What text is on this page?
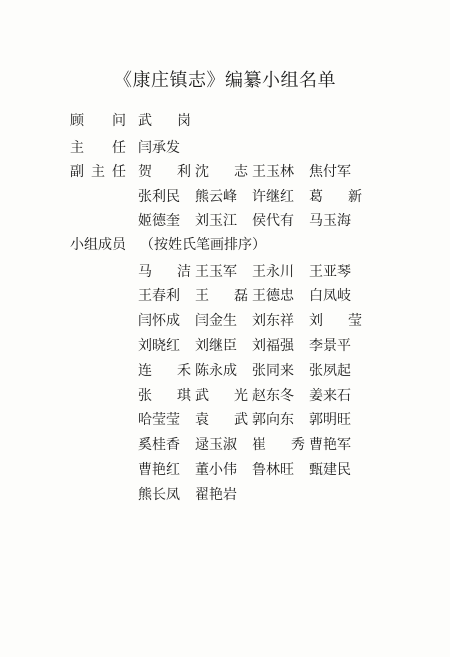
《康庄镇志》编纂小组名单
顾 问 武 岗
主 任 闫 承 发
副 主 任 贺 利 沈 志 王 玉 林 焦 付 军
张 利 民 熊 云 峰 许 继 红 葛 新
姬 德 奎 刘 玉 江 侯 代 有 马 玉 海
小组成员 （按姓氏笔画排序）
马 洁 王 玉 军 王 永 川 王 亚 琴
王 春 利 王 磊 王 德 忠 白 凤 岐
闫 怀 成 闫 金 生 刘 东 祥 刘 莹
刘 晓 红 刘 继 臣 刘 福 强 李 景 平
连 禾 陈 永 成 张 同 来 张 夙 起
张 琪 武 光 赵 东 冬 姜 来 石
哈 莹 莹 袁 武 郭 向 东 郭 明 旺
奚 桂 香 逯 玉 淑 崔 秀 曹 艳 军
曹 艳 红 董 小 伟 鲁 林 旺 甄 建 民
熊 长 凤 翟 艳 岩
